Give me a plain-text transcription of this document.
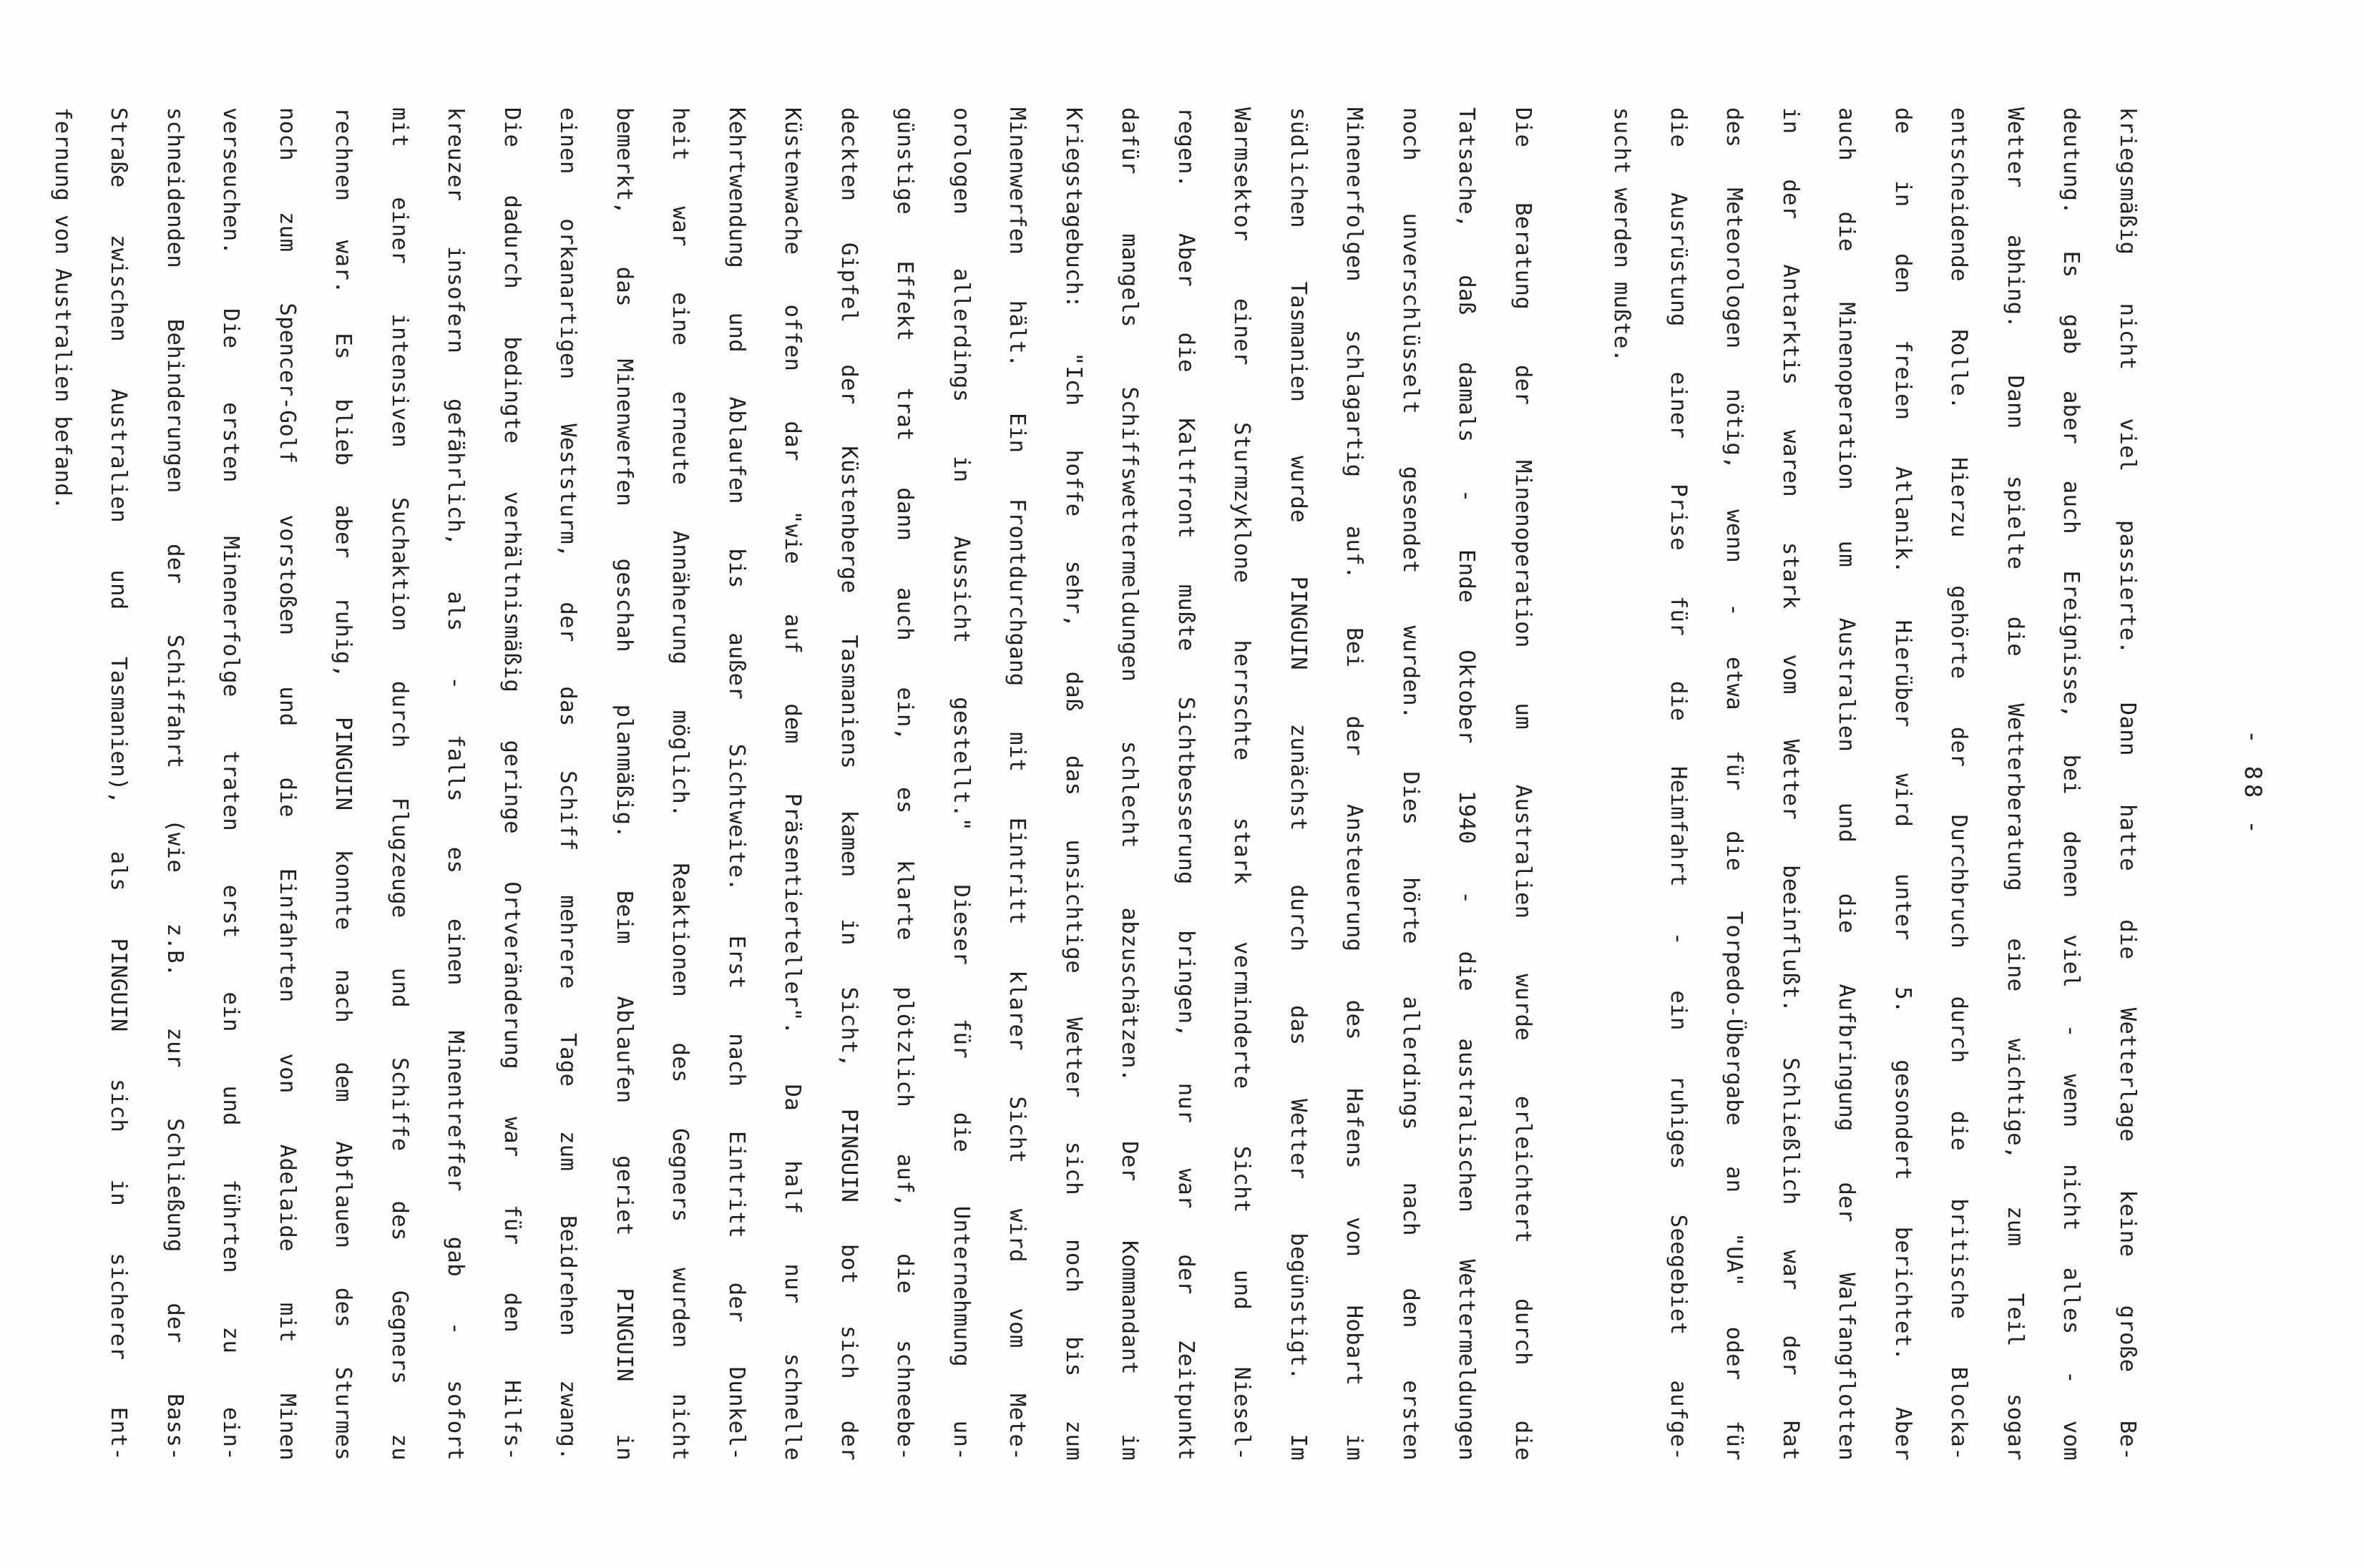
- 88 -
kriegsmäßig nicht viel passierte. Dann hatte die Wetterlage keine große Be-
deutung. Es gab aber auch Ereignisse, bei denen viel - wenn nicht alles - vom
Wetter abhing. Dann spielte die Wetterberatung eine wichtige, zum Teil sogar
entscheidende Rolle. Hierzu gehörte der Durchbruch durch die britische Blocka-
de in den freien Atlanik. Hierüber wird unter 5. gesondert berichtet. Aber
auch die Minenoperation um Australien und die Aufbringung der Walfangflotten
in der Antarktis waren stark vom Wetter beeinflußt. Schließlich war der Rat
des Meteorologen nötig, wenn - etwa für die Torpedo-Übergabe an "UA" oder für
die Ausrüstung einer Prise für die Heimfahrt - ein ruhiges Seegebiet aufge-
sucht werden mußte.
Die Beratung der Minenoperation um Australien wurde erleichtert durch die
Tatsache, daß damals - Ende Oktober 1940 - die australischen Wettermeldungen
noch unverschlüsselt gesendet wurden. Dies hörte allerdings nach den ersten
Minenerfolgen schlagartig auf. Bei der Ansteuerung des Hafens von Hobart im
südlichen Tasmanien wurde PINGUIN zunächst durch das Wetter begünstigt. Im
Warmsektor einer Sturmzyklone herrschte stark verminderte Sicht und Niesel-
regen. Aber die Kaltfront mußte Sichtbesserung bringen, nur war der Zeitpunkt
dafür mangels Schiffswettermeldungen schlecht abzuschätzen. Der Kommandant im
Kriegstagebuch: "Ich hoffe sehr, daß das unsichtige Wetter sich noch bis zum
Minenwerfen hält. Ein Frontdurchgang mit Eintritt klarer Sicht wird vom Mete-
orologen allerdings in Aussicht gestellt." Dieser für die Unternehmung un-
günstige Effekt trat dann auch ein, es klarte plötzlich auf, die schneebe-
deckten Gipfel der Küstenberge Tasmaniens kamen in Sicht, PINGUIN bot sich der
Küstenwache offen dar "wie auf dem Präsentierteller". Da half nur schnelle
Kehrtwendung und Ablaufen bis außer Sichtweite. Erst nach Eintritt der Dunkel-
heit war eine erneute Annäherung möglich. Reaktionen des Gegners wurden nicht
bemerkt, das Minenwerfen geschah planmäßig. Beim Ablaufen geriet PINGUIN in
einen orkanartigen Weststurm, der das Schiff mehrere Tage zum Beidrehen zwang.
Die dadurch bedingte verhältnismäßig geringe Ortveränderung war für den Hilfs-
kreuzer insofern gefährlich, als - falls es einen Minentreffer gab - sofort
mit einer intensiven Suchaktion durch Flugzeuge und Schiffe des Gegners zu
rechnen war. Es blieb aber ruhig, PINGUIN konnte nach dem Abflauen des Sturmes
noch zum Spencer-Golf vorstoßen und die Einfahrten von Adelaide mit Minen
verseuchen. Die ersten Minenerfolge traten erst ein und führten zu ein-
schneidenden Behinderungen der Schiffahrt (wie z.B. zur Schließung der Bass-
Straße zwischen Australien und Tasmanien), als PINGUIN sich in sicherer Ent-
fernung von Australien befand.
